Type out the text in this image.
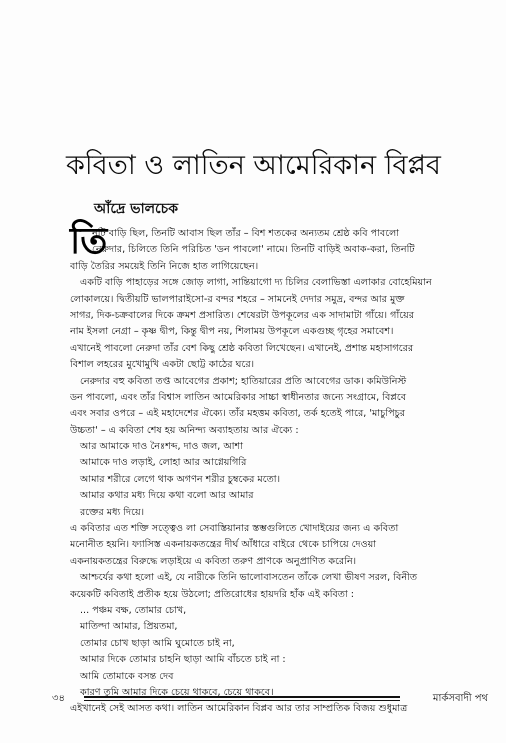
কবিতা ও লাতিন আমেরিকান বিপ্লব
আঁদ্রে ভালচেক
তি
নটি বাড়ি ছিল, তিনটি আবাস ছিল তাঁর – বিশ শতকের অন্যতম শ্রেষ্ঠ কবি পাবলো
নেরুদার, চিলিতে তিনি পরিচিত 'ডন পাবলো' নামে। তিনটি বাড়িই অবাক-করা, তিনটি
বাড়ি তৈরির সময়েই তিনি নিজে হাত লাগিয়েছেন।
একটি বাড়ি পাহাড়ের সঙ্গে জোড় লাগা, সান্তিয়াগো দ্য চিলির বেলাভিস্তা এলাকার বোহেমিয়ান
লোকালয়ে। দ্বিতীয়টি ভালপারাইসো-র বন্দর শহরে – সামনেই দেদার সমুদ্র, বন্দর আর মুক্ত
সাগর, দিক-চক্রবালের দিকে ক্রমশ প্রসারিত। শেষেরটা উপকূলের এক সাদামাটা গাঁয়ে। গাঁয়ের
নাম ইসলা নেগ্রা – কৃষ্ণ দ্বীপ, কিন্তু দ্বীপ নয়, শিলাময় উপকূলে একগুচ্ছ গৃহের সমাবেশ।
এখানেই পাবলো নেরুদা তাঁর বেশ কিছু শ্রেষ্ঠ কবিতা লিখেছেন। এখানেই, প্রশান্ত মহাসাগরের
বিশাল লহরের মুখোমুখি একটা ছোট্ট কাঠের ঘরে।
নেরুদার বহু কবিতা তপ্ত আবেগের প্রকাশ; হাতিয়ারের প্রতি আবেগের ডাক। কমিউনিস্ট
ডন পাবলো, এবং তাঁর বিশ্বাস লাতিন আমেরিকার সাচ্চা স্বাধীনতার জন্যে সংগ্রামে, বিপ্লবে
এবং সবার ওপরে – এই মহাদেশের ঐক্যে। তাঁর মহত্তম কবিতা, তর্ক হতেই পারে, 'মাচুপিচুর
উচ্চতা' – এ কবিতা শেষ হয় অনিন্দ্য অব্যাহতায় আর ঐক্যে :
আর আমাকে দাও নৈঃশব্দ, দাও জল, আশা
আমাকে দাও লড়াই, লোহা আর আগ্নেয়গিরি
আমার শরীরে লেগে থাক অগণন শরীর চুম্বকের মতো।
আমার কথার মধ্য দিয়ে কথা বলো আর আমার
রক্তের মধ্য দিয়ে।
এ কবিতার এত শক্তি সত্ত্বেও লা সেবাস্তিয়ানার স্তম্ভগুলিতে খোদাইয়ের জন্য এ কবিতা
মনোনীত হয়নি। ফ্যাসিস্ত একনায়কতন্ত্রের দীর্ঘ আঁধারে বাইরে থেকে চাপিয়ে দেওয়া
একনায়কতন্ত্রের বিরুদ্ধে লড়াইয়ে এ কবিতা তরুণ প্রাণকে অনুপ্রাণিত করেনি।
আশ্চর্যের কথা হলো এই, যে নারীকে তিনি ভালোবাসতেন তাঁকে লেখা ভীষণ সরল, বিনীত
কয়েকটি কবিতাই প্রতীক হয়ে উঠলো; প্রতিরোধের হায়দরি হাঁক এই কবিতা :
... পঞ্চম বক্ষ, তোমার চোখ,
মাতিল্দা আমার, প্রিয়তমা,
তোমার চোখ ছাড়া আমি ঘুমোতে চাই না,
আমার দিকে তোমার চাহনি ছাড়া আমি বাঁচতে চাই না :
আমি তোমাকে বসন্ত দেব
কারণ তুমি আমার দিকে চেয়ে থাকবে, চেয়ে থাকবে।
এইখানেই সেই আসত কথা। লাতিন আমেরিকান বিপ্লব আর তার সাম্প্রতিক বিজয় শুধুমাত্র
৩৪	মার্কসবাদী পথ
